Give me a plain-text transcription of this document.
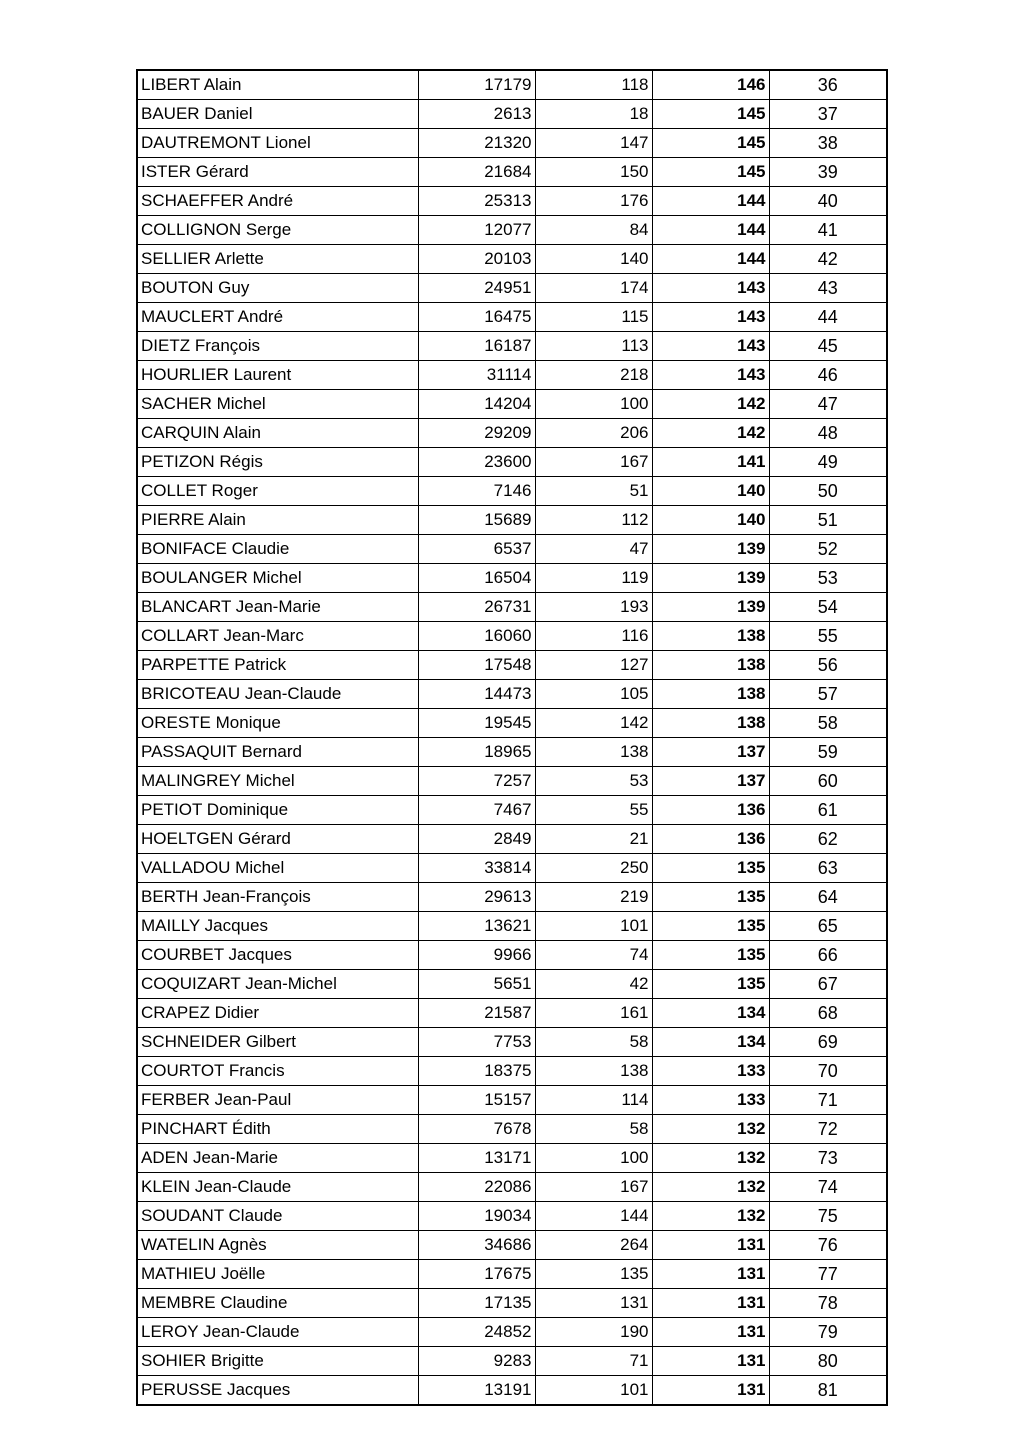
LIBERT Alain	17179	118	146	36
BAUER Daniel	2613	18	145	37
DAUTREMONT Lionel	21320	147	145	38
ISTER Gérard	21684	150	145	39
SCHAEFFER André	25313	176	144	40
COLLIGNON Serge	12077	84	144	41
SELLIER Arlette	20103	140	144	42
BOUTON Guy	24951	174	143	43
MAUCLERT André	16475	115	143	44
DIETZ François	16187	113	143	45
HOURLIER Laurent	31114	218	143	46
SACHER Michel	14204	100	142	47
CARQUIN Alain	29209	206	142	48
PETIZON Régis	23600	167	141	49
COLLET Roger	7146	51	140	50
PIERRE Alain	15689	112	140	51
BONIFACE Claudie	6537	47	139	52
BOULANGER Michel	16504	119	139	53
BLANCART Jean-Marie	26731	193	139	54
COLLART Jean-Marc	16060	116	138	55
PARPETTE Patrick	17548	127	138	56
BRICOTEAU Jean-Claude	14473	105	138	57
ORESTE Monique	19545	142	138	58
PASSAQUIT Bernard	18965	138	137	59
MALINGREY Michel	7257	53	137	60
PETIOT Dominique	7467	55	136	61
HOELTGEN Gérard	2849	21	136	62
VALLADOU Michel	33814	250	135	63
BERTH Jean-François	29613	219	135	64
MAILLY Jacques	13621	101	135	65
COURBET Jacques	9966	74	135	66
COQUIZART Jean-Michel	5651	42	135	67
CRAPEZ Didier	21587	161	134	68
SCHNEIDER Gilbert	7753	58	134	69
COURTOT Francis	18375	138	133	70
FERBER Jean-Paul	15157	114	133	71
PINCHART Édith	7678	58	132	72
ADEN Jean-Marie	13171	100	132	73
KLEIN Jean-Claude	22086	167	132	74
SOUDANT Claude	19034	144	132	75
WATELIN Agnès	34686	264	131	76
MATHIEU Joëlle	17675	135	131	77
MEMBRE Claudine	17135	131	131	78
LEROY Jean-Claude	24852	190	131	79
SOHIER Brigitte	9283	71	131	80
PERUSSE Jacques	13191	101	131	81
